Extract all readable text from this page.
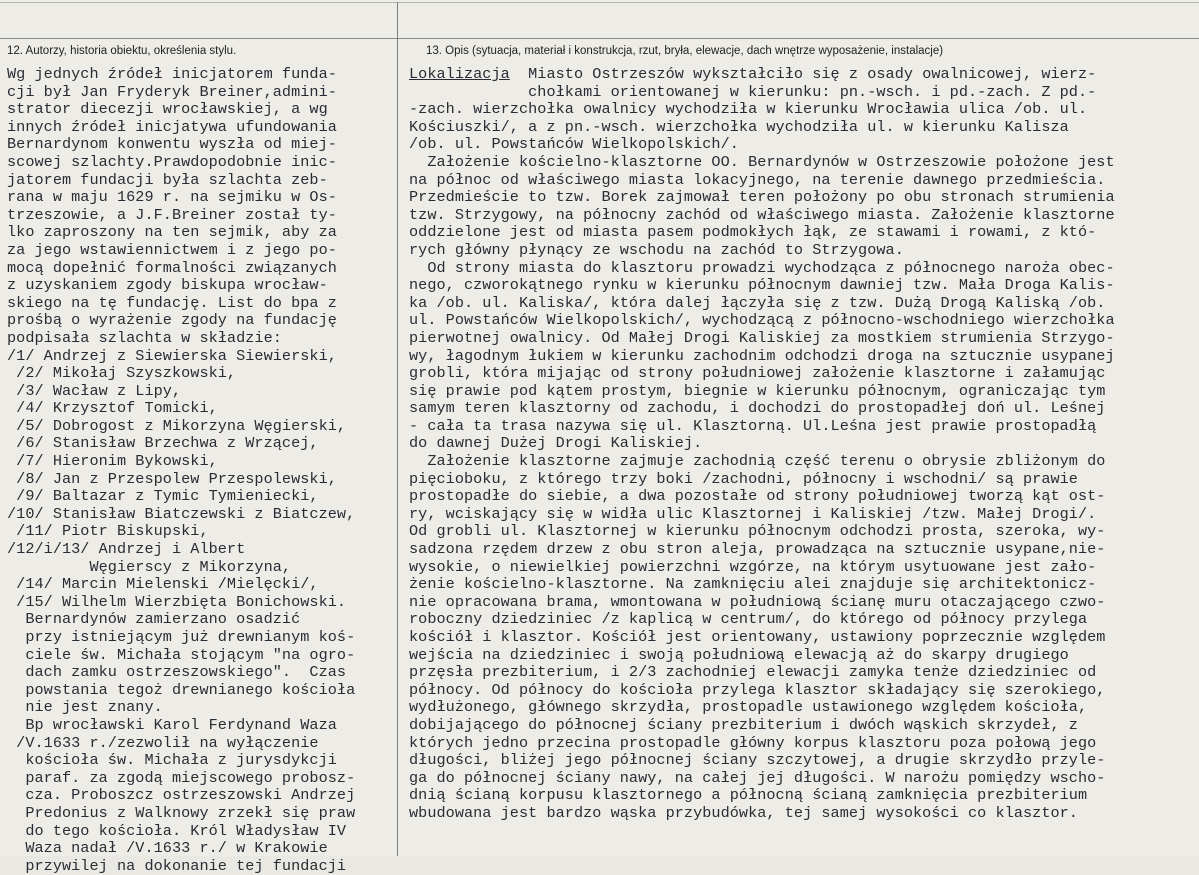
12. Autorzy, historia obiektu, określenia stylu.	13. Opis (sytuacja, materiał i konstrukcja, rzut, bryła, elewacje, dach wnętrze wyposażenie, instalacje)
Wg jednych źródeł inicjatorem funda-
cji był Jan Fryderyk Breiner,admini-
strator diecezji wrocławskiej, a wg
innych źródeł inicjatywa ufundowania
Bernardynom konwentu wyszła od miej-
scowej szlachty.Prawdopodobnie inic-
jatorem fundacji była szlachta zeb-
rana w maju 1629 r. na sejmiku w Os-
trzeszowie, a J.F.Breiner został ty-
lko zaproszony na ten sejmik, aby za
za jego wstawiennictwem i z jego po-
mocą dopełnić formalności związanych
z uzyskaniem zgody biskupa wrocław-
skiego na tę fundację. List do bpa z
prośbą o wyrażenie zgody na fundację
podpisała szlachta w składzie:
/1/ Andrzej z Siewierska Siewierski,
/2/ Mikołaj Szyszkowski,
/3/ Wacław z Lipy,
/4/ Krzysztof Tomicki,
/5/ Dobrogost z Mikorzyna Węgierski,
/6/ Stanisław Brzechwa z Wrzącej,
/7/ Hieronim Bykowski,
/8/ Jan z Przespolew Przespolewski,
/9/ Baltazar z Tymic Tymieniecki,
/10/ Stanisław Biatczewski z Biatczew,
/11/ Piotr Biskupski,
/12/i/13/ Andrzej i Albert
Węgierscy z Mikorzyna,
/14/ Marcin Mielenski /Mielęcki/,
/15/ Wilhelm Wierzbięta Bonichowski.
Bernardynów zamierzano osadzić
przy istniejącym już drewnianym koś-
ciele św. Michała stojącym "na ogro-
dach zamku ostrzeszowskiego".  Czas
powstania tegoż drewnianego kościoła
nie jest znany.
Bp wrocławski Karol Ferdynand Waza
/V.1633 r./zezwolił na wyłączenie
kościoła św. Michała z jurysdykcji
paraf. za zgodą miejscowego probosz-
cza. Proboszcz ostrzeszowski Andrzej
Predonius z Walknowy zrzekł się praw
do tego kościoła. Król Władysław IV
Waza nadał /V.1633 r./ w Krakowie
przywilej na dokonanie tej fundacji
Lokalizacja  Miasto Ostrzeszów wykształciło się z osady owalnicowej, wierz-
chołkami orientowanej w kierunku: pn.-wsch. i pd.-zach. Z pd.-
-zach. wierzchołka owalnicy wychodziła w kierunku Wrocławia ulica /ob. ul.
Kościuszki/, a z pn.-wsch. wierzchołka wychodziła ul. w kierunku Kalisza
/ob. ul. Powstańców Wielkopolskich/.
Założenie kościelno-klasztorne OO. Bernardynów w Ostrzeszowie położone jest
na północ od właściwego miasta lokacyjnego, na terenie dawnego przedmieścia.
Przedmieście to tzw. Borek zajmował teren położony po obu stronach strumienia
tzw. Strzygowy, na północny zachód od właściwego miasta. Założenie klasztorne
oddzielone jest od miasta pasem podmokłych łąk, ze stawami i rowami, z któ-
rych główny płynący ze wschodu na zachód to Strzygowa.
Od strony miasta do klasztoru prowadzi wychodząca z północnego naroża obec-
nego, czworokątnego rynku w kierunku północnym dawniej tzw. Mała Droga Kalis-
ka /ob. ul. Kaliska/, która dalej łączyła się z tzw. Dużą Drogą Kaliską /ob.
ul. Powstańców Wielkopolskich/, wychodzącą z północno-wschodniego wierzchołka
pierwotnej owalnicy. Od Małej Drogi Kaliskiej za mostkiem strumienia Strzygo-
wy, łagodnym łukiem w kierunku zachodnim odchodzi droga na sztucznie usypanej
grobli, która mijając od strony południowej założenie klasztorne i załamując
się prawie pod kątem prostym, biegnie w kierunku północnym, ograniczając tym
samym teren klasztorny od zachodu, i dochodzi do prostopadłej doń ul. Leśnej
- cała ta trasa nazywa się ul. Klasztorną. Ul.Leśna jest prawie prostopadłą
do dawnej Dużej Drogi Kaliskiej.
Założenie klasztorne zajmuje zachodnią część terenu o obrysie zbliżonym do
pięcioboku, z którego trzy boki /zachodni, północny i wschodni/ są prawie
prostopadłe do siebie, a dwa pozostałe od strony południowej tworzą kąt ost-
ry, wciskający się w widła ulic Klasztornej i Kaliskiej /tzw. Małej Drogi/.
Od grobli ul. Klasztornej w kierunku północnym odchodzi prosta, szeroka, wy-
sadzona rzędem drzew z obu stron aleja, prowadząca na sztucznie usypane,nie-
wysokie, o niewielkiej powierzchni wzgórze, na którym usytuowane jest zało-
żenie kościelno-klasztorne. Na zamknięciu alei znajduje się architektonicz-
nie opracowana brama, wmontowana w południową ścianę muru otaczającego czwo-
roboczny dziedziniec /z kaplicą w centrum/, do którego od północy przylega
kościół i klasztor. Kościół jest orientowany, ustawiony poprzecznie względem
wejścia na dziedziniec i swoją południową elewacją aż do skarpy drugiego
przęsła prezbiterium, i 2/3 zachodniej elewacji zamyka tenże dziedziniec od
północy. Od północy do kościoła przylega klasztor składający się szerokiego,
wydłużonego, głównego skrzydła, prostopadle ustawionego względem kościoła,
dobijającego do północnej ściany prezbiterium i dwóch wąskich skrzydeł, z
których jedno przecina prostopadle główny korpus klasztoru poza połową jego
długości, bliżej jego północnej ściany szczytowej, a drugie skrzydło przyle-
ga do północnej ściany nawy, na całej jej długości. W narożu pomiędzy wscho-
dnią ścianą korpusu klasztornego a północną ścianą zamknięcia prezbiterium
wbudowana jest bardzo wąska przybudówka, tej samej wysokości co klasztor.
